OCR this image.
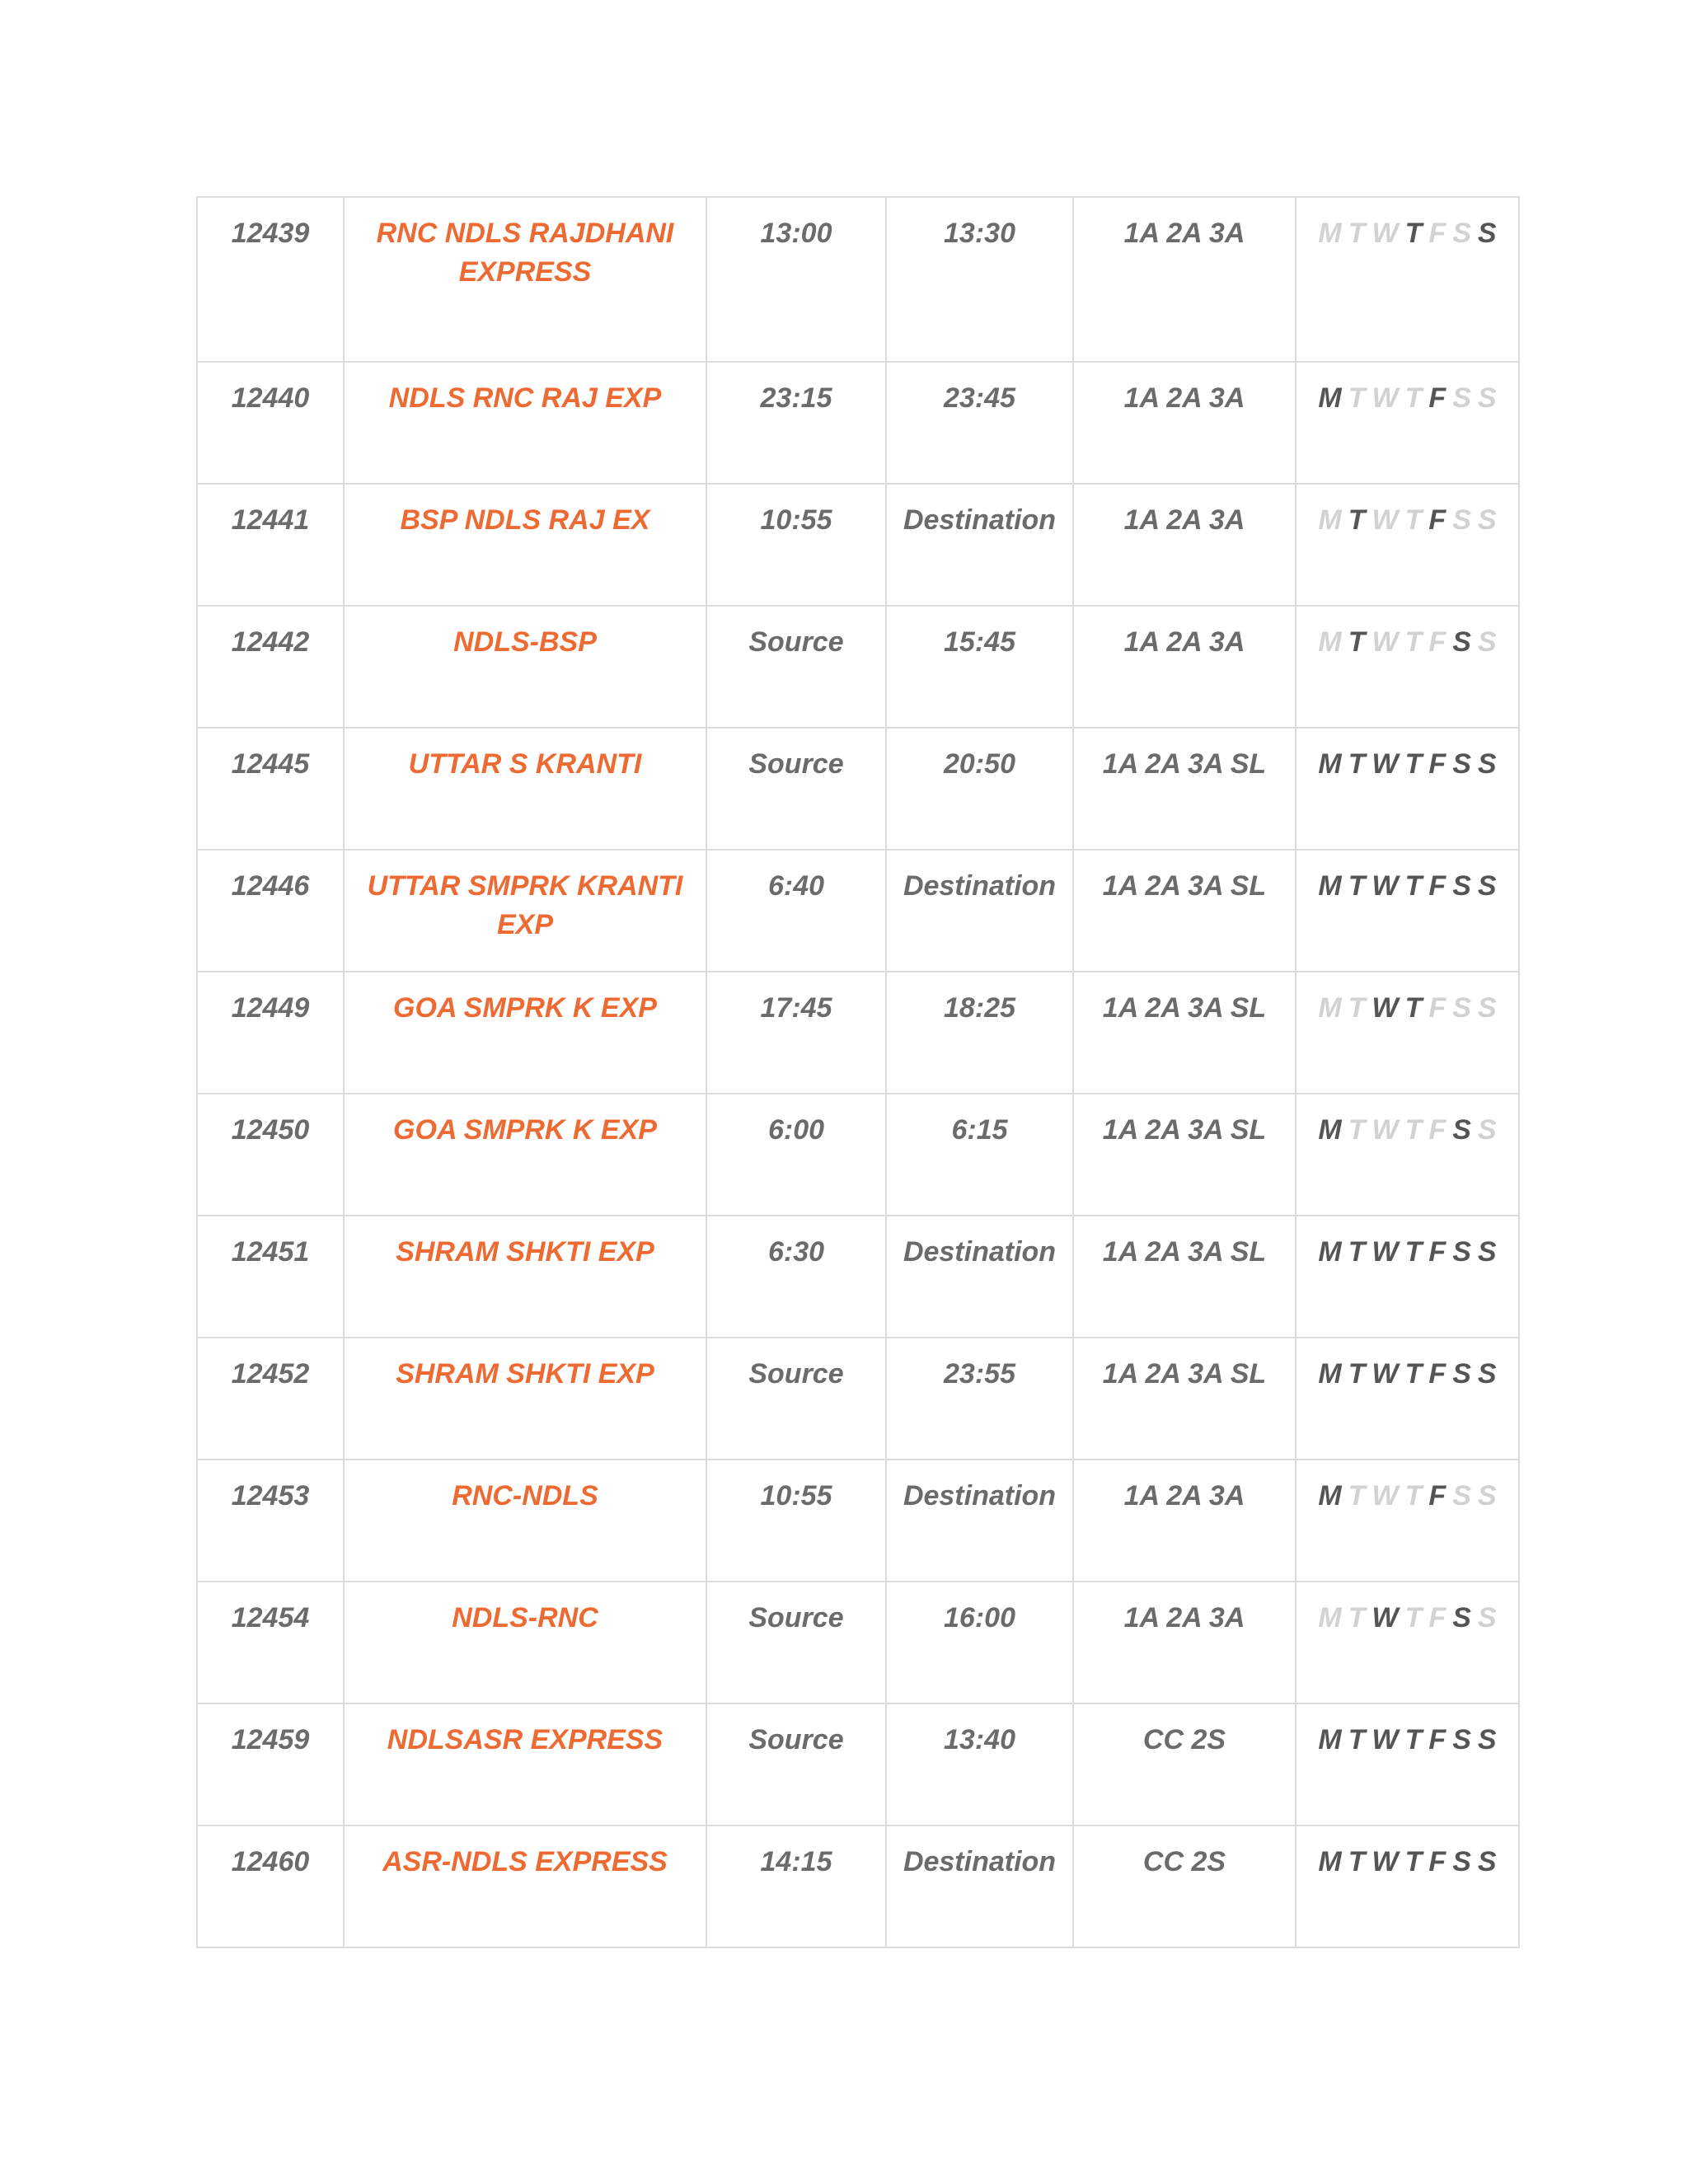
12439	RNC NDLS RAJDHANI EXPRESS	13:00	13:30	1A 2A 3A	M T W T F S S
12440	NDLS RNC RAJ EXP	23:15	23:45	1A 2A 3A	M T W T F S S
12441	BSP NDLS RAJ EX	10:55	Destination	1A 2A 3A	M T W T F S S
12442	NDLS-BSP	Source	15:45	1A 2A 3A	M T W T F S S
12445	UTTAR S KRANTI	Source	20:50	1A 2A 3A SL	M T W T F S S
12446	UTTAR SMPRK KRANTI EXP	6:40	Destination	1A 2A 3A SL	M T W T F S S
12449	GOA SMPRK K EXP	17:45	18:25	1A 2A 3A SL	M T W T F S S
12450	GOA SMPRK K EXP	6:00	6:15	1A 2A 3A SL	M T W T F S S
12451	SHRAM SHKTI EXP	6:30	Destination	1A 2A 3A SL	M T W T F S S
12452	SHRAM SHKTI EXP	Source	23:55	1A 2A 3A SL	M T W T F S S
12453	RNC-NDLS	10:55	Destination	1A 2A 3A	M T W T F S S
12454	NDLS-RNC	Source	16:00	1A 2A 3A	M T W T F S S
12459	NDLSASR EXPRESS	Source	13:40	CC 2S	M T W T F S S
12460	ASR-NDLS EXPRESS	14:15	Destination	CC 2S	M T W T F S S
